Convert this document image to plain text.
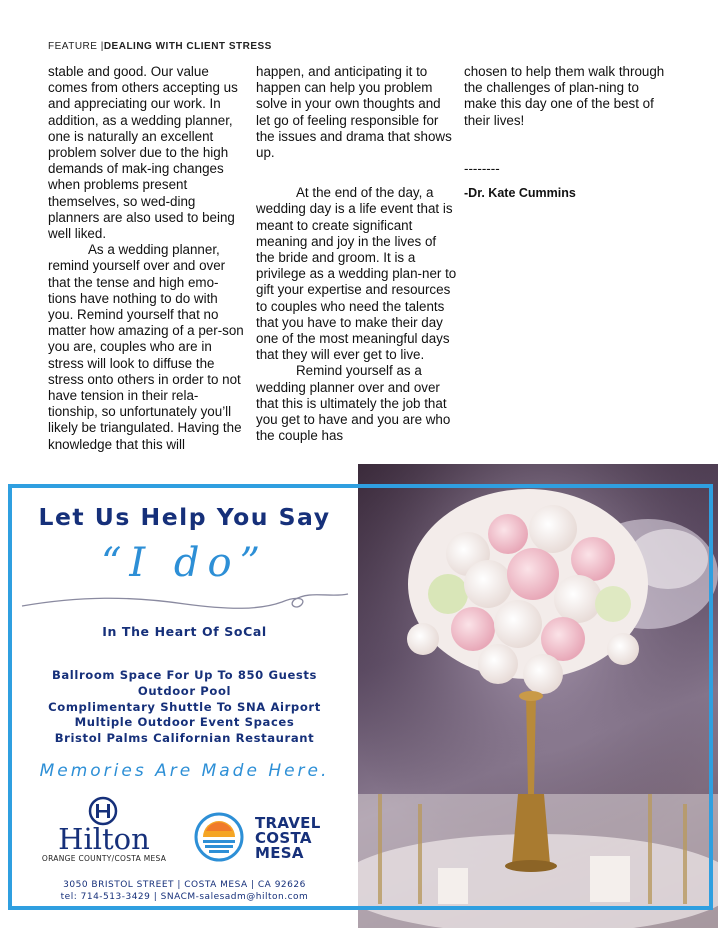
FEATURE |DEALING WITH CLIENT STRESS

stable and good. Our value comes from others accepting us and appreciating our work. In addition, as a wedding planner, one is naturally an excellent problem solver due to the high demands of mak-ing changes when problems present themselves, so wed-ding planners are also used to being well liked.

As a wedding planner, remind yourself over and over that the tense and high emo-tions have nothing to do with you. Remind yourself that no matter how amazing of a per-son you are, couples who are in stress will look to diffuse the stress onto others in order to not have tension in their rela-tionship, so unfortunately you’ll likely be triangulated. Having the knowledge that this will

happen, and anticipating it to happen can help you problem solve in your own thoughts and let go of feeling responsible for the issues and drama that shows up.

At the end of the day, a wedding day is a life event that is meant to create significant meaning and joy in the lives of the bride and groom. It is a privilege as a wedding plan-ner to gift your expertise and resources to couples who need the talents that you have to make their day one of the most meaningful days that they will ever get to live.

Remind yourself as a wedding planner over and over that this is ultimately the job that you get to have and you are who the couple has

chosen to help them walk through the challenges of plan-ning to make this day one of the best of their lives!

--------

-Dr. Kate Cummins

Let Us Help You Say
“I do”
In The Heart Of SoCal
Ballroom Space For Up To 850 Guests
Outdoor Pool
Complimentary Shuttle To SNA Airport
Multiple Outdoor Event Spaces
Bristol Palms Californian Restaurant
Memories Are Made Here.
Hilton
ORANGE COUNTY/COSTA MESA
TRAVEL
COSTA
MESA
3050 BRISTOL STREET | COSTA MESA | CA 92626
tel: 714-513-3429 | SNACM-salesadm@hilton.com
